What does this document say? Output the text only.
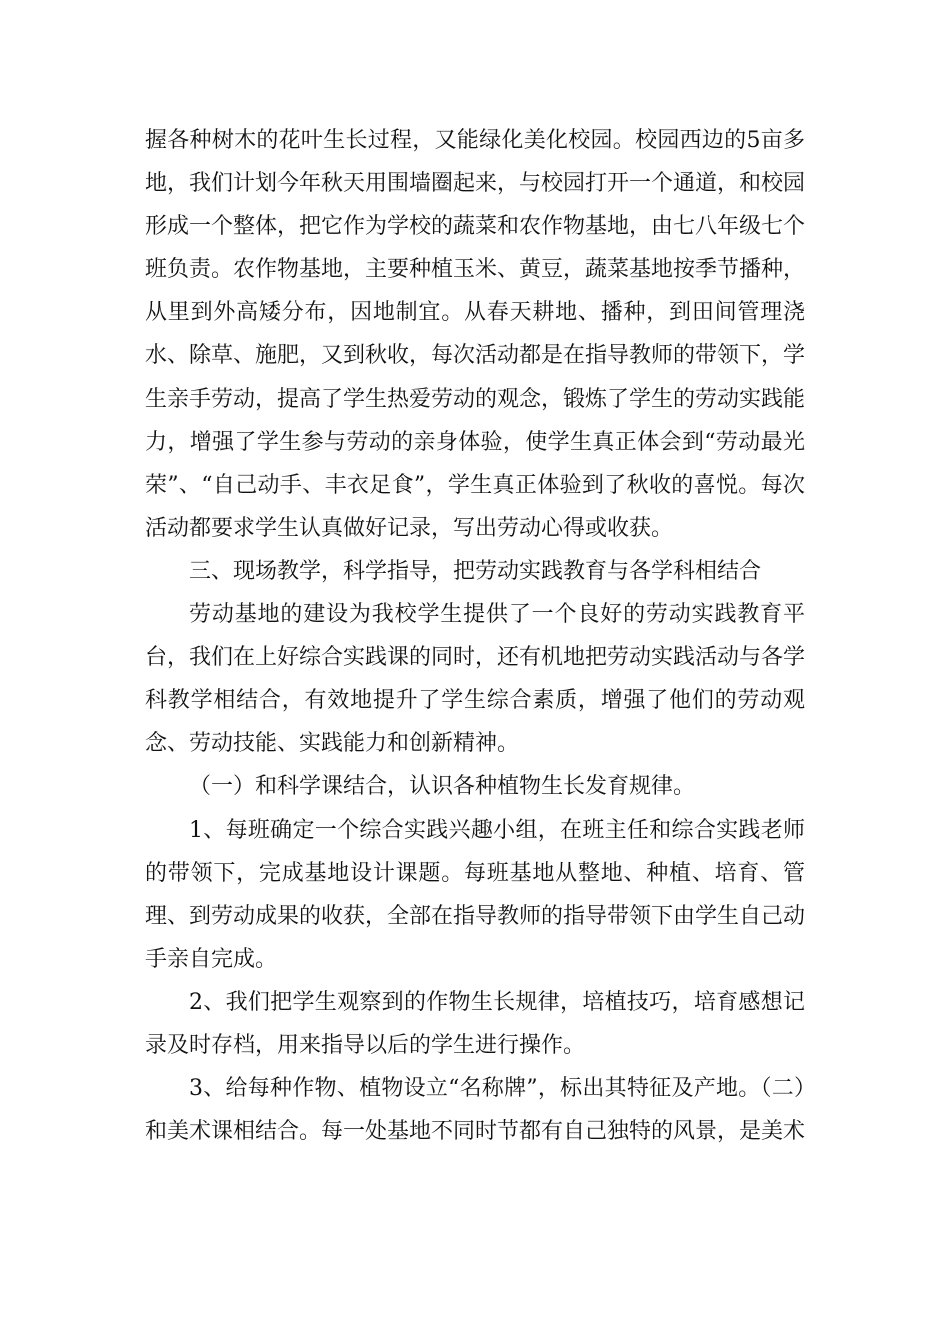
握各种树木的花叶生长过程，又能绿化美化校园。校园西边的5亩多地，我们计划今年秋天用围墙圈起来，与校园打开一个通道，和校园形成一个整体，把它作为学校的蔬菜和农作物基地，由七八年级七个班负责。农作物基地，主要种植玉米、黄豆，蔬菜基地按季节播种，从里到外高矮分布，因地制宜。从春天耕地、播种，到田间管理浇水、除草、施肥，又到秋收，每次活动都是在指导教师的带领下，学生亲手劳动，提高了学生热爱劳动的观念，锻炼了学生的劳动实践能力，增强了学生参与劳动的亲身体验，使学生真正体会到“劳动最光荣”、“自己动手、丰衣足食”，学生真正体验到了秋收的喜悦。每次活动都要求学生认真做好记录，写出劳动心得或收获。

三、现场教学，科学指导，把劳动实践教育与各学科相结合

劳动基地的建设为我校学生提供了一个良好的劳动实践教育平台，我们在上好综合实践课的同时，还有机地把劳动实践活动与各学科教学相结合，有效地提升了学生综合素质，增强了他们的劳动观念、劳动技能、实践能力和创新精神。

（一）和科学课结合，认识各种植物生长发育规律。

1、每班确定一个综合实践兴趣小组，在班主任和综合实践老师的带领下，完成基地设计课题。每班基地从整地、种植、培育、管理、到劳动成果的收获，全部在指导教师的指导带领下由学生自己动手亲自完成。

2、我们把学生观察到的作物生长规律，培植技巧，培育感想记录及时存档，用来指导以后的学生进行操作。

3、给每种作物、植物设立“名称牌”，标出其特征及产地。（二）和美术课相结合。每一处基地不同时节都有自己独特的风景，是美术
